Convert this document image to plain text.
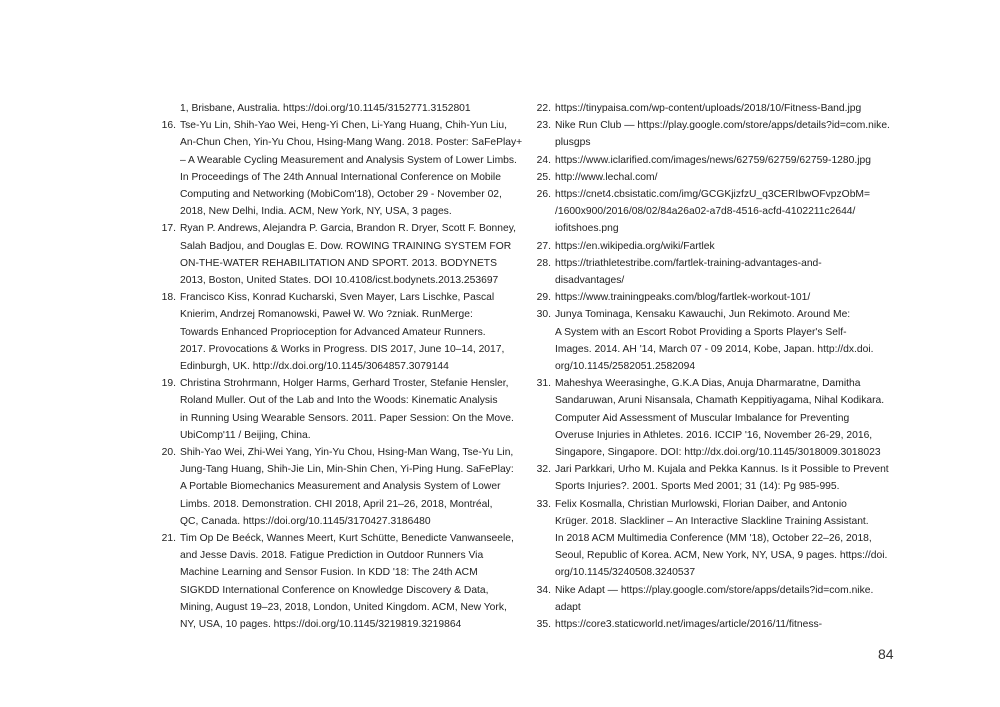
1, Brisbane, Australia. https://doi.org/10.1145/3152771.3152801
16. Tse-Yu Lin, Shih-Yao Wei, Heng-Yi Chen, Li-Yang Huang, Chih-Yun Liu,
An-Chun Chen, Yin-Yu Chou, Hsing-Mang Wang. 2018. Poster: SaFePlay+
– A Wearable Cycling Measurement and Analysis System of Lower Limbs.
In Proceedings of The 24th Annual International Conference on Mobile
Computing and Networking (MobiCom'18), October 29 - November 02,
2018, New Delhi, India. ACM, New York, NY, USA, 3 pages.
17. Ryan P. Andrews, Alejandra P. Garcia, Brandon R. Dryer, Scott F. Bonney,
Salah Badjou, and Douglas E. Dow. ROWING TRAINING SYSTEM FOR
ON-THE-WATER REHABILITATION AND SPORT. 2013. BODYNETS
2013, Boston, United States. DOI 10.4108/icst.bodynets.2013.253697
18. Francisco Kiss, Konrad Kucharski, Sven Mayer, Lars Lischke, Pascal
Knierim, Andrzej Romanowski, Paweł W. Wo ?zniak. RunMerge:
Towards Enhanced Proprioception for Advanced Amateur Runners.
2017. Provocations & Works in Progress. DIS 2017, June 10–14, 2017,
Edinburgh, UK. http://dx.doi.org/10.1145/3064857.3079144
19. Christina Strohrmann, Holger Harms, Gerhard Troster, Stefanie Hensler,
Roland Muller. Out of the Lab and Into the Woods: Kinematic Analysis
in Running Using Wearable Sensors. 2011. Paper Session: On the Move.
UbiComp'11 / Beijing, China.
20. Shih-Yao Wei, Zhi-Wei Yang, Yin-Yu Chou, Hsing-Man Wang, Tse-Yu Lin,
Jung-Tang Huang, Shih-Jie Lin, Min-Shin Chen, Yi-Ping Hung. SaFePlay:
A Portable Biomechanics Measurement and Analysis System of Lower
Limbs. 2018. Demonstration. CHI 2018, April 21–26, 2018, Montréal,
QC, Canada. https://doi.org/10.1145/3170427.3186480
21. Tim Op De Beéck, Wannes Meert, Kurt Schütte, Benedicte Vanwanseele,
and Jesse Davis. 2018. Fatigue Prediction in Outdoor Runners Via
Machine Learning and Sensor Fusion. In KDD '18: The 24th ACM
SIGKDD International Conference on Knowledge Discovery & Data,
Mining, August 19–23, 2018, London, United Kingdom. ACM, New York,
NY, USA, 10 pages. https://doi.org/10.1145/3219819.3219864
22. https://tinypaisa.com/wp-content/uploads/2018/10/Fitness-Band.jpg
23. Nike Run Club — https://play.google.com/store/apps/details?id=com.nike.
plusgps
24. https://www.iclarified.com/images/news/62759/62759/62759-1280.jpg
25. http://www.lechal.com/
26. https://cnet4.cbsistatic.com/img/GCGKjizfzU_q3CERIbwOFvpzObM=
/1600x900/2016/08/02/84a26a02-a7d8-4516-acfd-4102211c2644/
iofitshoes.png
27. https://en.wikipedia.org/wiki/Fartlek
28. https://triathletestribe.com/fartlek-training-advantages-and-
disadvantages/
29. https://www.trainingpeaks.com/blog/fartlek-workout-101/
30. Junya Tominaga, Kensaku Kawauchi, Jun Rekimoto. Around Me:
A System with an Escort Robot Providing a Sports Player's Self-
Images. 2014. AH '14, March 07 - 09 2014, Kobe, Japan. http://dx.doi.
org/10.1145/2582051.2582094
31. Maheshya Weerasinghe, G.K.A Dias, Anuja Dharmaratne, Damitha
Sandaruwan, Aruni Nisansala, Chamath Keppitiyagama, Nihal Kodikara.
Computer Aid Assessment of Muscular Imbalance for Preventing
Overuse Injuries in Athletes. 2016. ICCIP '16, November 26-29, 2016,
Singapore, Singapore. DOI: http://dx.doi.org/10.1145/3018009.3018023
32. Jari Parkkari, Urho M. Kujala and Pekka Kannus. Is it Possible to Prevent
Sports Injuries?. 2001. Sports Med 2001; 31 (14): Pg 985-995.
33. Felix Kosmalla, Christian Murlowski, Florian Daiber, and Antonio
Krüger. 2018. Slackliner – An Interactive Slackline Training Assistant.
In 2018 ACM Multimedia Conference (MM '18), October 22–26, 2018,
Seoul, Republic of Korea. ACM, New York, NY, USA, 9 pages. https://doi.
org/10.1145/3240508.3240537
34. Nike Adapt — https://play.google.com/store/apps/details?id=com.nike.
adapt
35. https://core3.staticworld.net/images/article/2016/11/fitness-
84
